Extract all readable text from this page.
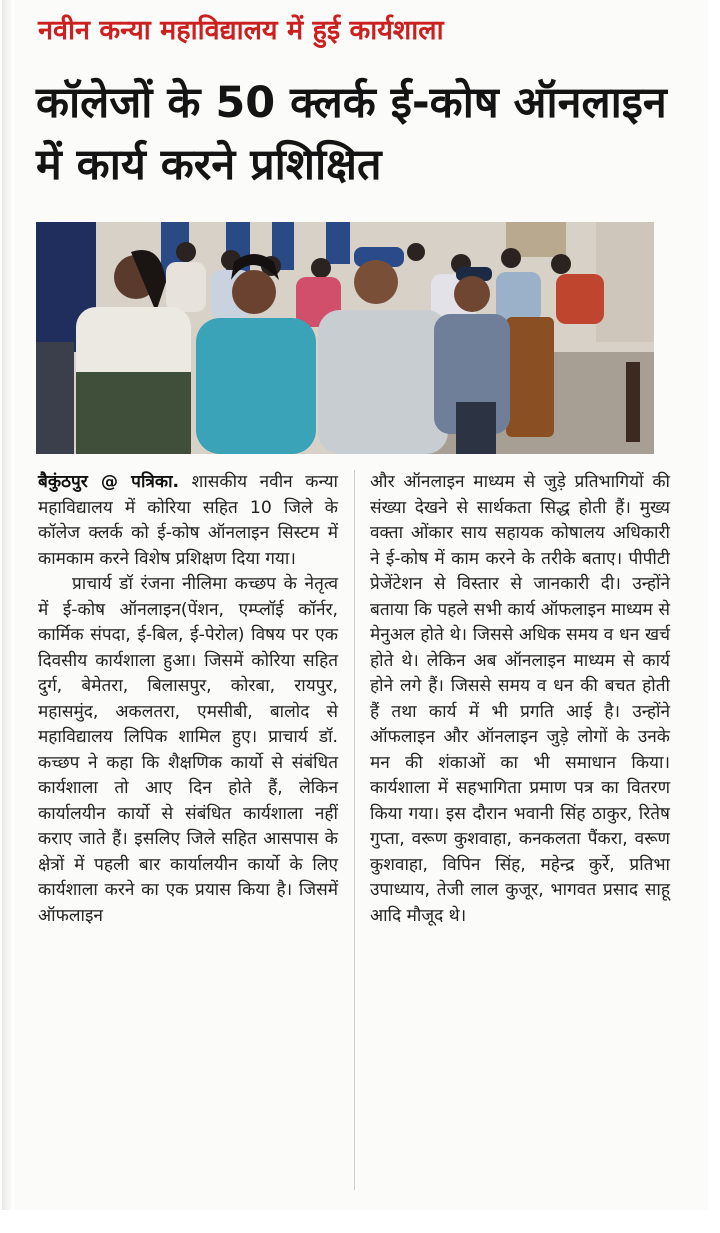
नवीन कन्या महाविद्यालय में हुई कार्यशाला
कॉलेजों के 50 क्लर्क ई-कोष ऑनलाइन में कार्य करने प्रशिक्षित

बैकुंठपुर @ पत्रिका. शासकीय नवीन कन्या महाविद्यालय में कोरिया सहित 10 जिले के कॉलेज क्लर्क को ई-कोष ऑनलाइन सिस्टम में कामकाम करने विशेष प्रशिक्षण दिया गया।

प्राचार्य डॉ रंजना नीलिमा कच्छप के नेतृत्व में ई-कोष ऑनलाइन(पेंशन, एम्प्लॉई कॉर्नर, कार्मिक संपदा, ई-बिल, ई-पेरोल) विषय पर एक दिवसीय कार्यशाला हुआ। जिसमें कोरिया सहित दुर्ग, बेमेतरा, बिलासपुर, कोरबा, रायपुर, महासमुंद, अकलतरा, एमसीबी, बालोद से महाविद्यालय लिपिक शामिल हुए। प्राचार्य डॉ. कच्छप ने कहा कि शैक्षणिक कार्यो से संबंधित कार्यशाला तो आए दिन होते हैं, लेकिन कार्यालयीन कार्यो से संबंधित कार्यशाला नहीं कराए जाते हैं। इसलिए जिले सहित आसपास के क्षेत्रों में पहली बार कार्यालयीन कार्यो के लिए कार्यशाला करने का एक प्रयास किया है। जिसमें ऑफलाइन

और ऑनलाइन माध्यम से जुड़े प्रतिभागियों की संख्या देखने से सार्थकता सिद्ध होती हैं। मुख्य वक्ता ओंकार साय सहायक कोषालय अधिकारी ने ई-कोष में काम करने के तरीके बताए। पीपीटी प्रेजेंटेशन से विस्तार से जानकारी दी। उन्होंने बताया कि पहले सभी कार्य ऑफलाइन माध्यम से मेनुअल होते थे। जिससे अधिक समय व धन खर्च होते थे। लेकिन अब ऑनलाइन माध्यम से कार्य होने लगे हैं। जिससे समय व धन की बचत होती हैं तथा कार्य में भी प्रगति आई है। उन्होंने ऑफलाइन और ऑनलाइन जुड़े लोगों के उनके मन की शंकाओं का भी समाधान किया। कार्यशाला में सहभागिता प्रमाण पत्र का वितरण किया गया। इस दौरान भवानी सिंह ठाकुर, रितेष गुप्ता, वरूण कुशवाहा, कनकलता पैंकरा, वरूण कुशवाहा, विपिन सिंह, महेन्द्र कुर्रे, प्रतिभा उपाध्याय, तेजी लाल कुजूर, भागवत प्रसाद साहू आदि मौजूद थे।
